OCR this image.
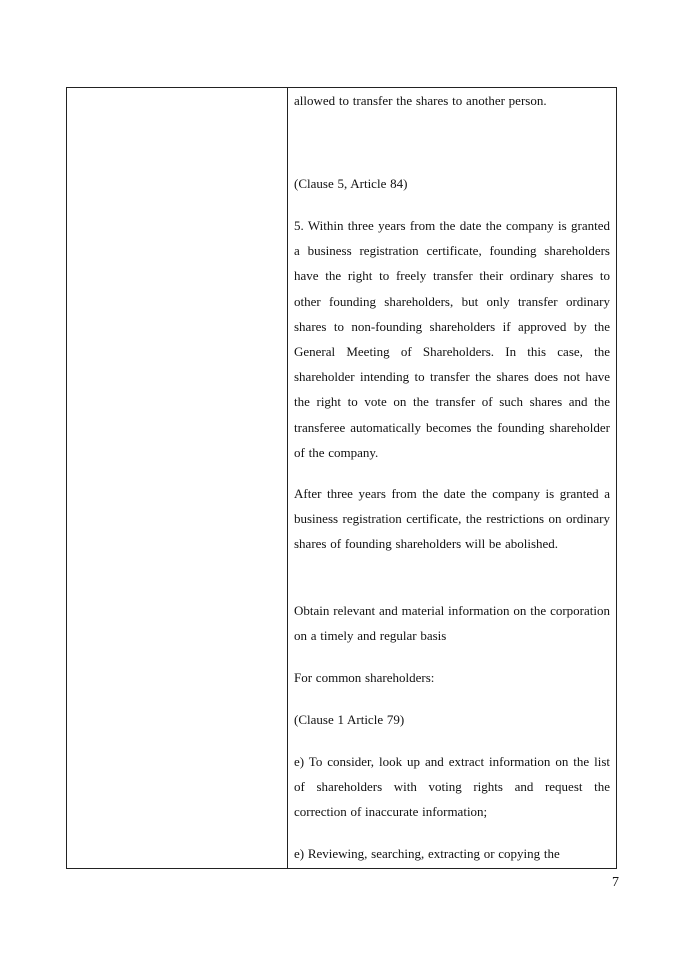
allowed to transfer the shares to another person.

(Clause 5, Article 84)

5. Within three years from the date the company is granted a business registration certificate, founding shareholders have the right to freely transfer their ordinary shares to other founding shareholders, but only transfer ordinary shares to non-founding shareholders if approved by the General Meeting of Shareholders. In this case, the shareholder intending to transfer the shares does not have the right to vote on the transfer of such shares and the transferee automatically becomes the founding shareholder of the company.

After three years from the date the company is granted a business registration certificate, the restrictions on ordinary shares of founding shareholders will be abolished.

Obtain relevant and material information on the corporation on a timely and regular basis

For common shareholders:

(Clause 1 Article 79)

e) To consider, look up and extract information on the list of shareholders with voting rights and request the correction of inaccurate information;

e) Reviewing, searching, extracting or copying the

7
